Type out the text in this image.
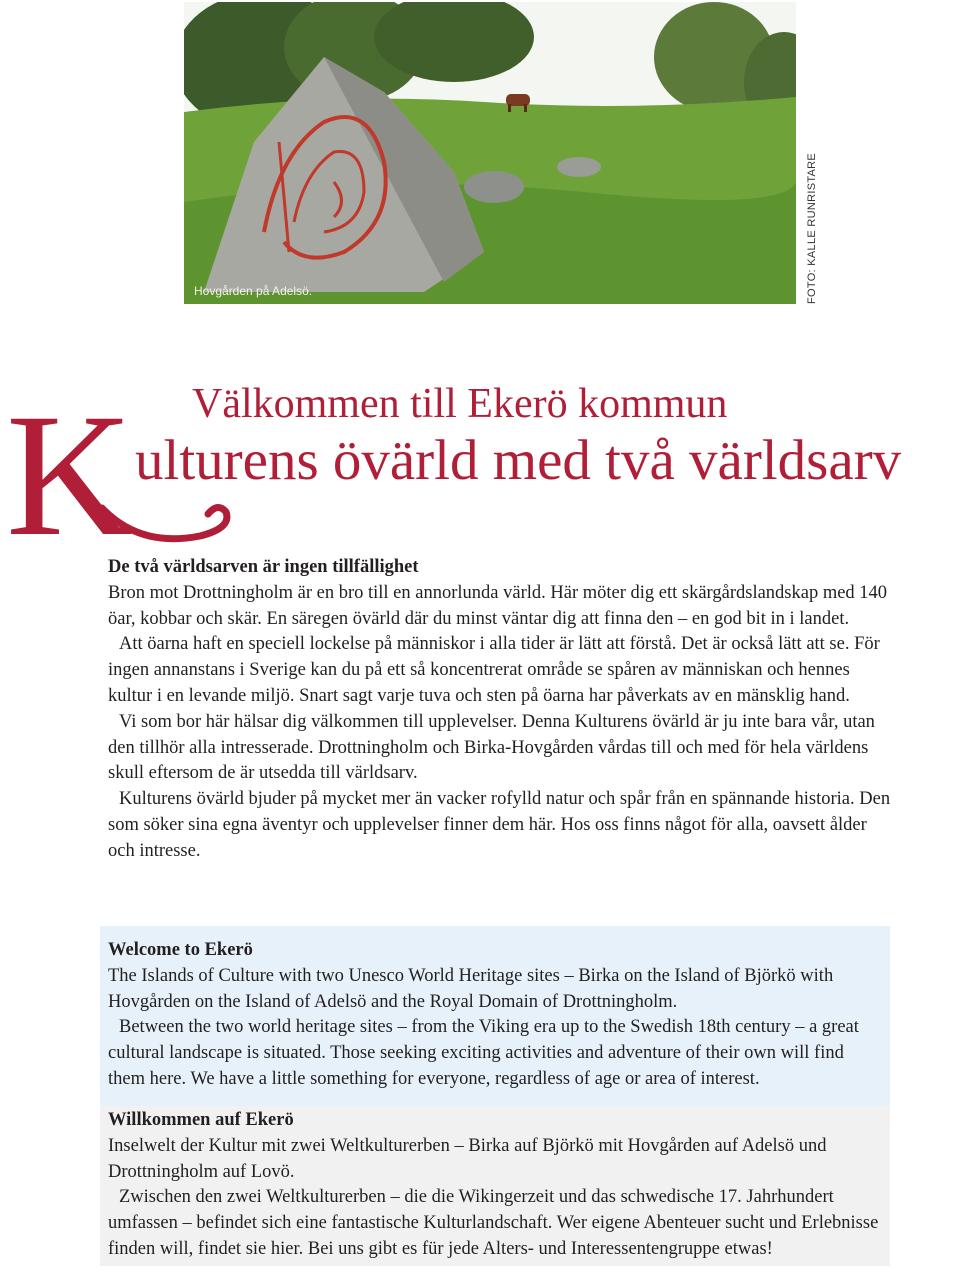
Hovgården på Adelsö.	FOTO: KALLE RUNRISTARE
K Välkommen till Ekerö kommun
ulturens övärld med två världsarv
De två världsarven är ingen tillfällighet

Bron mot Drottningholm är en bro till en annorlunda värld. Här möter dig ett skärgårdslandskap med 140 öar, kobbar och skär. En säregen övärld där du minst väntar dig att finna den – en god bit in i landet.

Att öarna haft en speciell lockelse på människor i alla tider är lätt att förstå. Det är också lätt att se. För ingen annanstans i Sverige kan du på ett så koncentrerat område se spåren av människan och hennes kultur i en levande miljö. Snart sagt varje tuva och sten på öarna har påverkats av en mänsklig hand.

Vi som bor här hälsar dig välkommen till upplevelser. Denna Kulturens övärld är ju inte bara vår, utan den tillhör alla intresserade. Drottningholm och Birka-Hovgården vårdas till och med för hela världens skull eftersom de är utsedda till världsarv.

Kulturens övärld bjuder på mycket mer än vacker rofylld natur och spår från en spännande historia. Den som söker sina egna äventyr och upplevelser finner dem här. Hos oss finns något för alla, oavsett ålder och intresse.

Welcome to Ekerö

The Islands of Culture with two Unesco World Heritage sites – Birka on the Island of Björkö with Hovgården on the Island of Adelsö and the Royal Domain of Drottningholm.

Between the two world heritage sites – from the Viking era up to the Swedish 18th century – a great cultural landscape is situated. Those seeking exciting activities and adventure of their own will find them here. We have a little something for everyone, regardless of age or area of interest.

Willkommen auf Ekerö

Inselwelt der Kultur mit zwei Weltkulturerben – Birka auf Björkö mit Hovgården auf Adelsö und Drottningholm auf Lovö.

Zwischen den zwei Weltkulturerben – die die Wikingerzeit und das schwedische 17. Jahrhundert umfassen – befindet sich eine fantastische Kulturlandschaft. Wer eigene Abenteuer sucht und Erlebnisse finden will, findet sie hier. Bei uns gibt es für jede Alters- und Interessentengruppe etwas!
